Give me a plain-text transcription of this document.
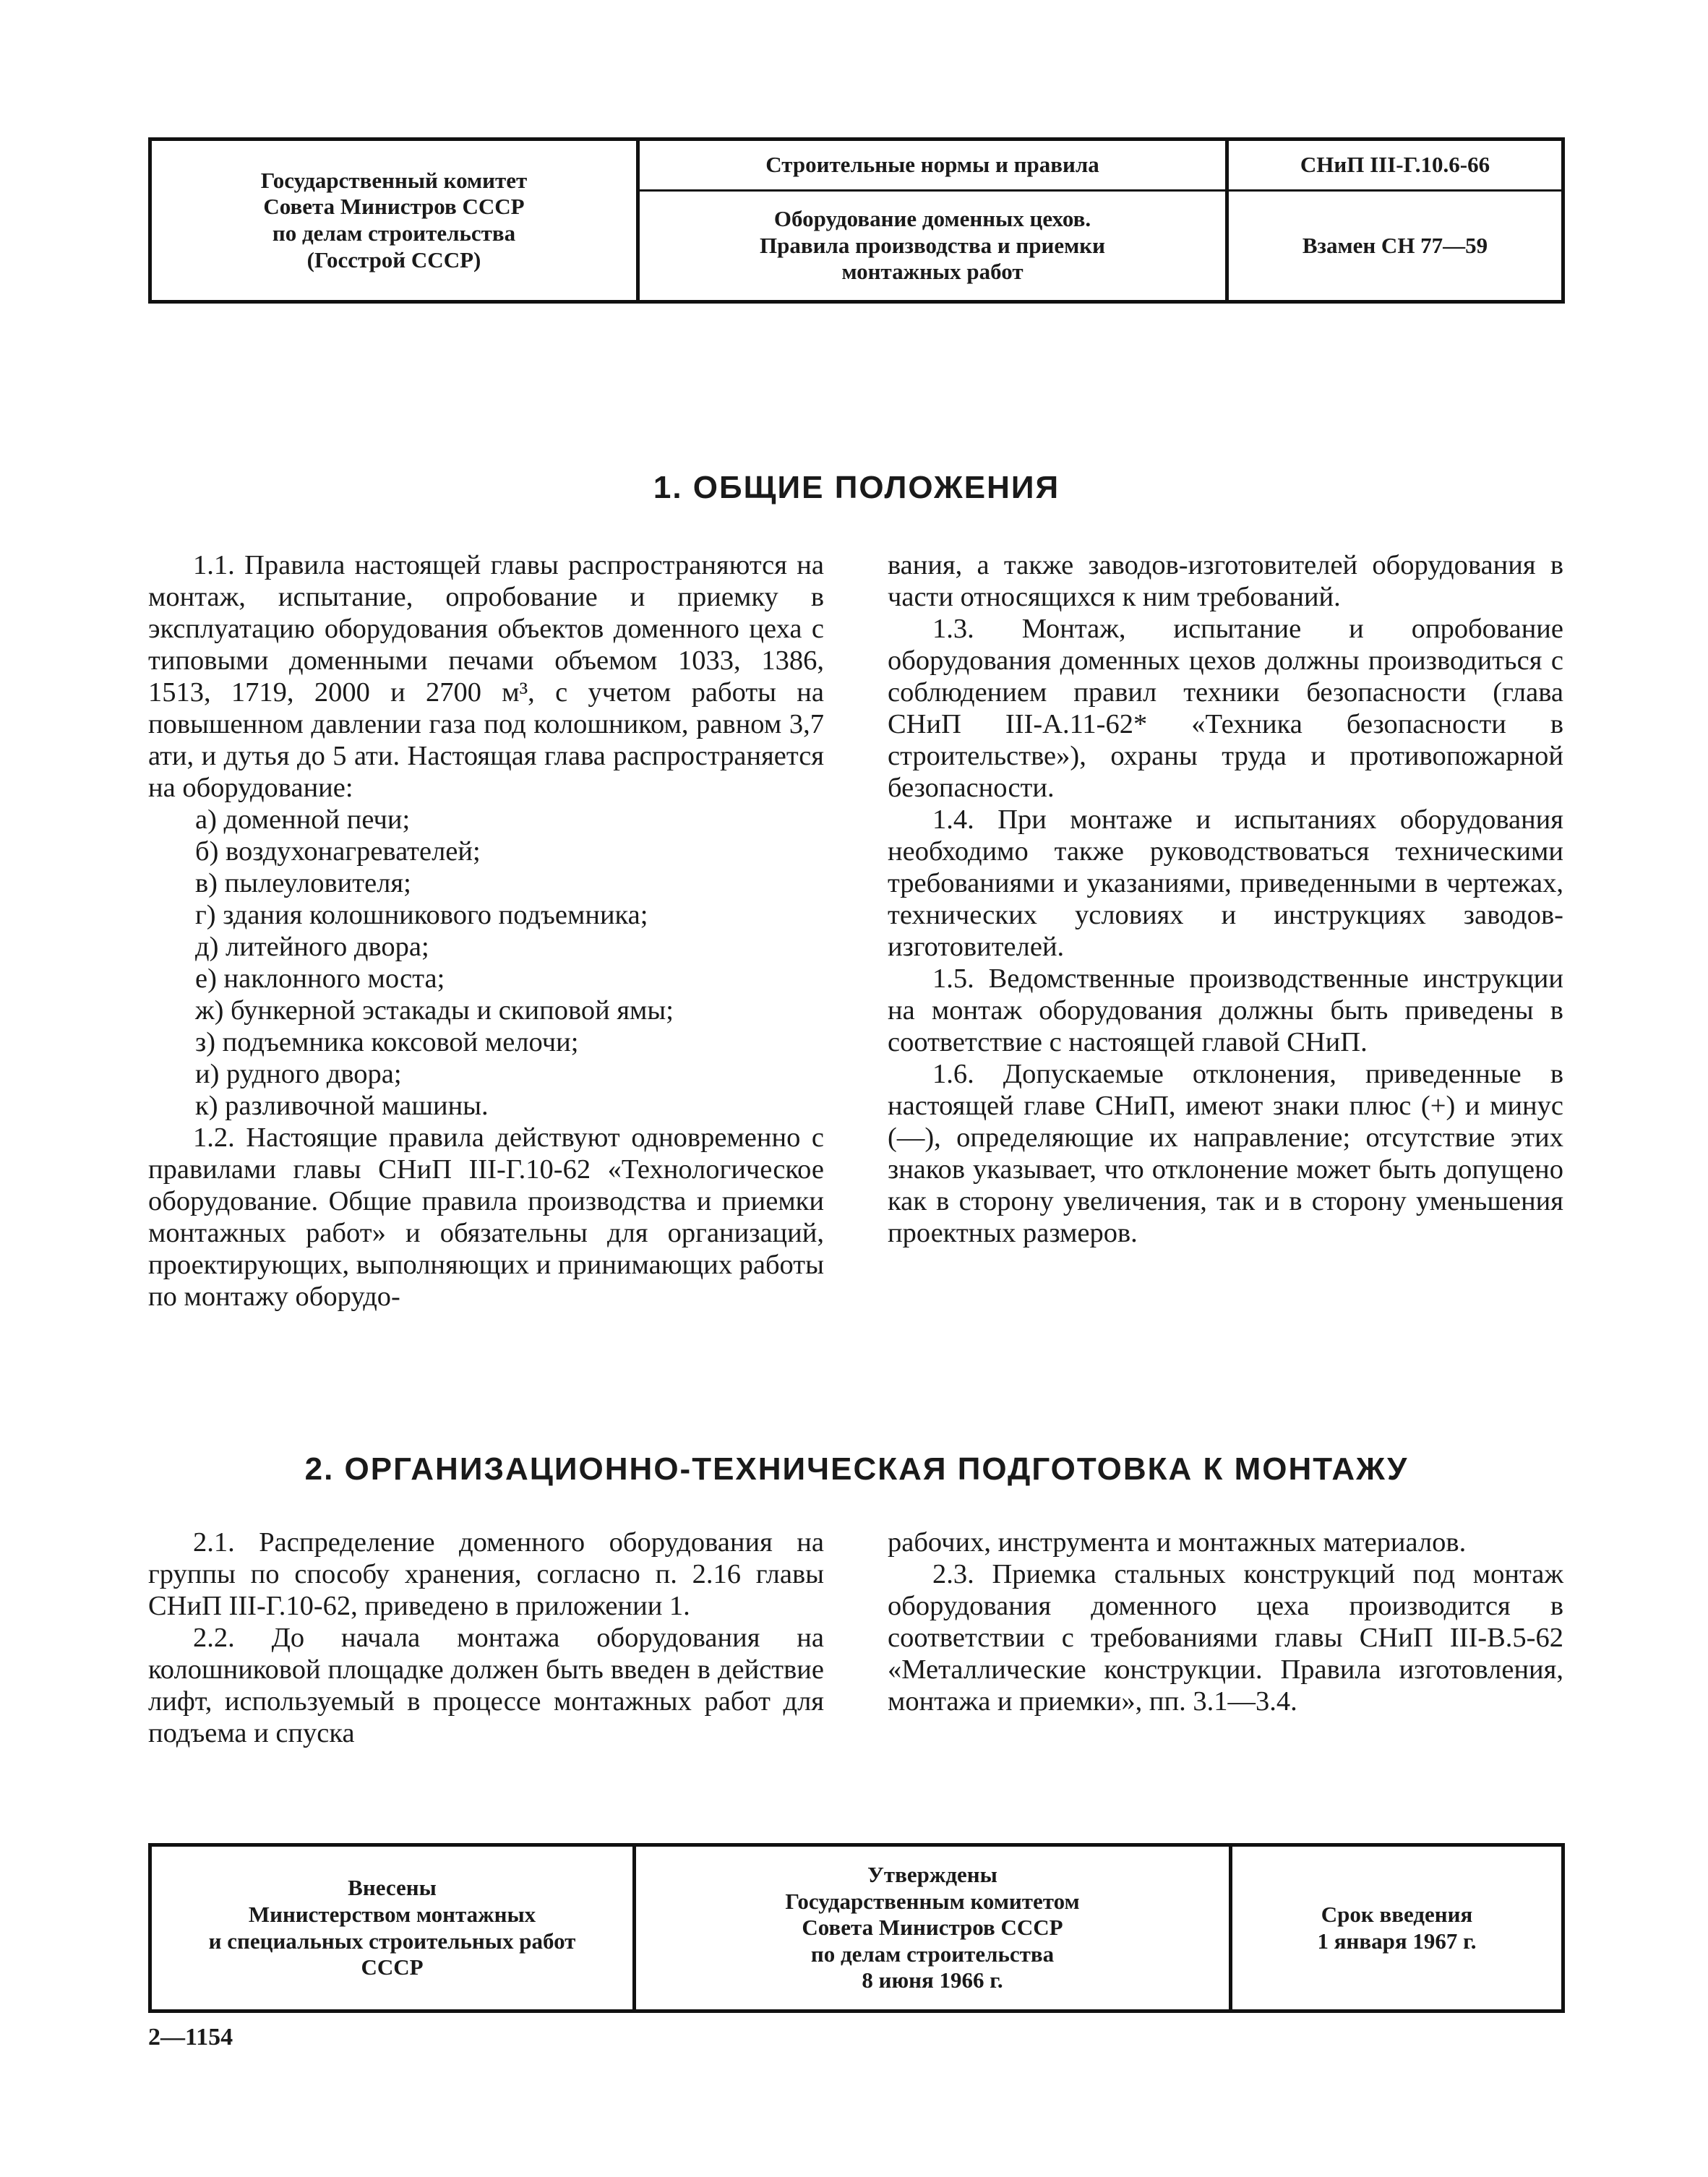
Государственный комитет
Совета Министров СССР
по делам строительства
(Госстрой СССР)
Строительные нормы и правила
Оборудование доменных цехов.
Правила производства и приемки
монтажных работ
СНиП III-Г.10.6-66
Взамен СН 77—59
1. ОБЩИЕ ПОЛОЖЕНИЯ

1.1. Правила настоящей главы распространяются на монтаж, испытание, опробование и приемку в эксплуатацию оборудования объектов доменного цеха с типовыми доменными печами объемом 1033, 1386, 1513, 1719, 2000 и 2700 м³, с учетом работы на повышенном давлении газа под колошником, равном 3,7 ати, и дутья до 5 ати. Настоящая глава распространяется на оборудование:

а) доменной печи;

б) воздухонагревателей;

в) пылеуловителя;

г) здания колошникового подъемника;

д) литейного двора;

е) наклонного моста;

ж) бункерной эстакады и скиповой ямы;

з) подъемника коксовой мелочи;

и) рудного двора;

к) разливочной машины.

1.2. Настоящие правила действуют одновременно с правилами главы СНиП III-Г.10-62 «Технологическое оборудование. Общие правила производства и приемки монтажных работ» и обязательны для организаций, проектирующих, выполняющих и принимающих работы по монтажу оборудо-

вания, а также заводов-изготовителей оборудования в части относящихся к ним требований.

1.3. Монтаж, испытание и опробование оборудования доменных цехов должны производиться с соблюдением правил техники безопасности (глава СНиП III-А.11-62* «Техника безопасности в строительстве»), охраны труда и противопожарной безопасности.

1.4. При монтаже и испытаниях оборудования необходимо также руководствоваться техническими требованиями и указаниями, приведенными в чертежах, технических условиях и инструкциях заводов-изготовителей.

1.5. Ведомственные производственные инструкции на монтаж оборудования должны быть приведены в соответствие с настоящей главой СНиП.

1.6. Допускаемые отклонения, приведенные в настоящей главе СНиП, имеют знаки плюс (+) и минус (—), определяющие их направление; отсутствие этих знаков указывает, что отклонение может быть допущено как в сторону увеличения, так и в сторону уменьшения проектных размеров.

2. ОРГАНИЗАЦИОННО-ТЕХНИЧЕСКАЯ ПОДГОТОВКА К МОНТАЖУ

2.1. Распределение доменного оборудования на группы по способу хранения, согласно п. 2.16 главы СНиП III-Г.10-62, приведено в приложении 1.

2.2. До начала монтажа оборудования на колошниковой площадке должен быть введен в действие лифт, используемый в процессе монтажных работ для подъема и спуска

рабочих, инструмента и монтажных материалов.

2.3. Приемка стальных конструкций под монтаж оборудования доменного цеха производится в соответствии с требованиями главы СНиП III-В.5-62 «Металлические конструкции. Правила изготовления, монтажа и приемки», пп. 3.1—3.4.

Внесены
Министерством монтажных
и специальных строительных работ
СССР
Утверждены
Государственным комитетом
Совета Министров СССР
по делам строительства
8 июня 1966 г.
Срок введения
1 января 1967 г.
2—1154
